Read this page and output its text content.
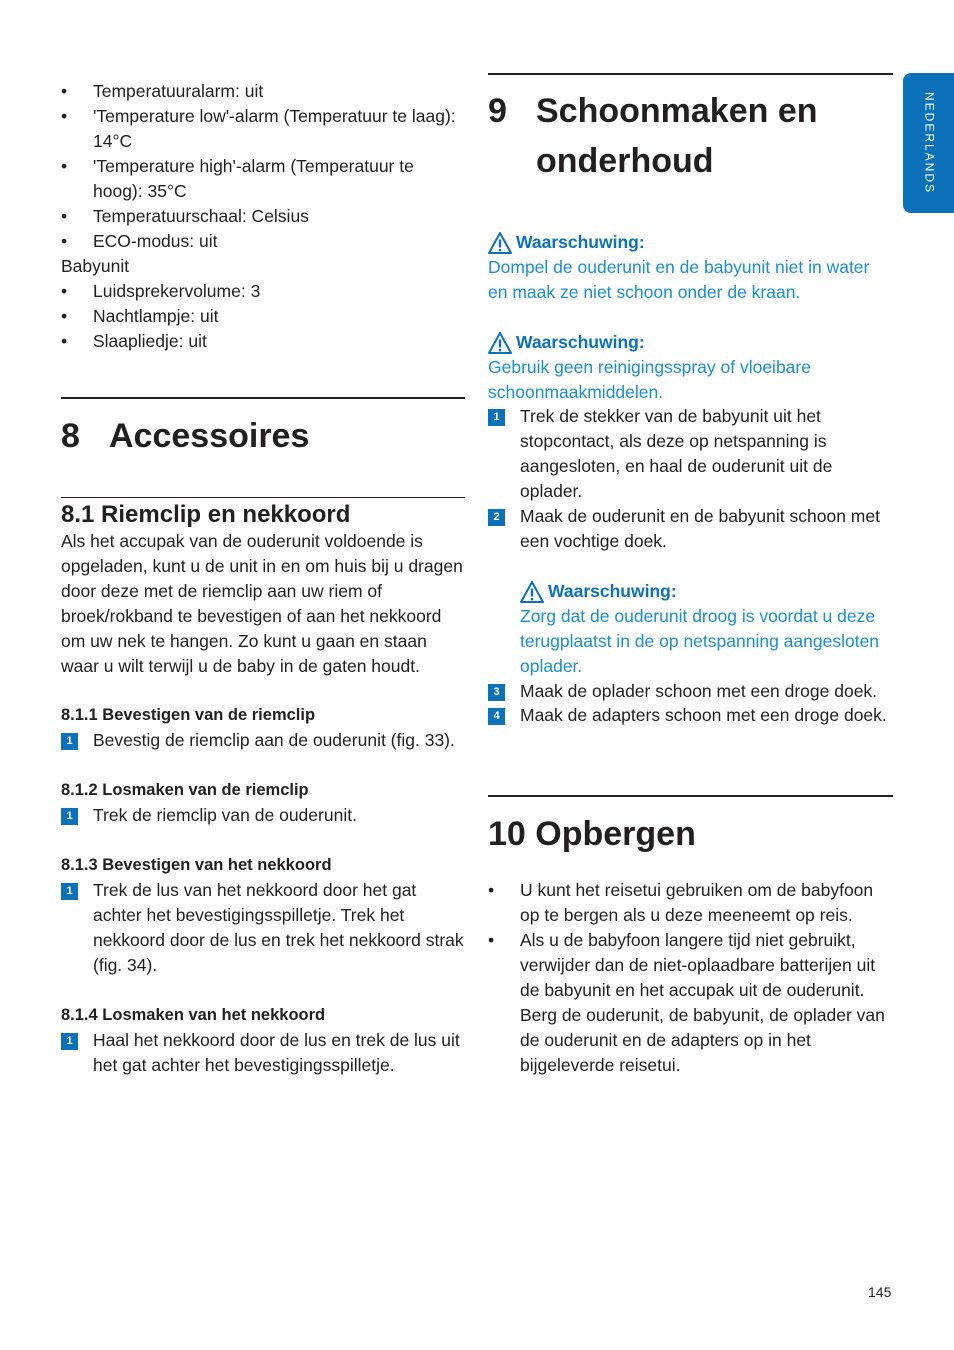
• Temperatuuralarm: uit
• 'Temperature low'-alarm (Temperatuur te laag): 14°C
• 'Temperature high'-alarm (Temperatuur te hoog): 35°C
• Temperatuurschaal: Celsius
• ECO-modus: uit
Babyunit
• Luidsprekervolume: 3
• Nachtlampje: uit
• Slaapliedje: uit
8 Accessoires
8.1 Riemclip en nekkoord

Als het accupak van de ouderunit voldoende is opgeladen, kunt u de unit in en om huis bij u dragen door deze met de riemclip aan uw riem of broek/rokband te bevestigen of aan het nekkoord om uw nek te hangen. Zo kunt u gaan en staan waar u wilt terwijl u de baby in de gaten houdt.

8.1.1 Bevestigen van de riemclip
1	Bevestig de riemclip aan de ouderunit (fig. 33).
8.1.2 Losmaken van de riemclip
1	Trek de riemclip van de ouderunit.
8.1.3 Bevestigen van het nekkoord
1	Trek de lus van het nekkoord door het gat achter het bevestigingsspilletje. Trek het nekkoord door de lus en trek het nekkoord strak (fig. 34).
8.1.4 Losmaken van het nekkoord
1	Haal het nekkoord door de lus en trek de lus uit het gat achter het bevestigingsspilletje.
9 Schoonmaken en onderhoud
Waarschuwing:
Dompel de ouderunit en de babyunit niet in water en maak ze niet schoon onder de kraan.
Waarschuwing:
Gebruik geen reinigingsspray of vloeibare schoonmaakmiddelen.
1	Trek de stekker van de babyunit uit het stopcontact, als deze op netspanning is aangesloten, en haal de ouderunit uit de oplader.
2	Maak de ouderunit en de babyunit schoon met een vochtige doek.
Waarschuwing:
Zorg dat de ouderunit droog is voordat u deze terugplaatst in de op netspanning aangesloten oplader.
3	Maak de oplader schoon met een droge doek.
4	Maak de adapters schoon met een droge doek.
10 Opbergen
• U kunt het reisetui gebruiken om de babyfoon op te bergen als u deze meeneemt op reis.
• Als u de babyfoon langere tijd niet gebruikt, verwijder dan de niet-oplaadbare batterijen uit de babyunit en het accupak uit de ouderunit. Berg de ouderunit, de babyunit, de oplader van de ouderunit en de adapters op in het bijgeleverde reisetui.
NEDERLANDS
145
